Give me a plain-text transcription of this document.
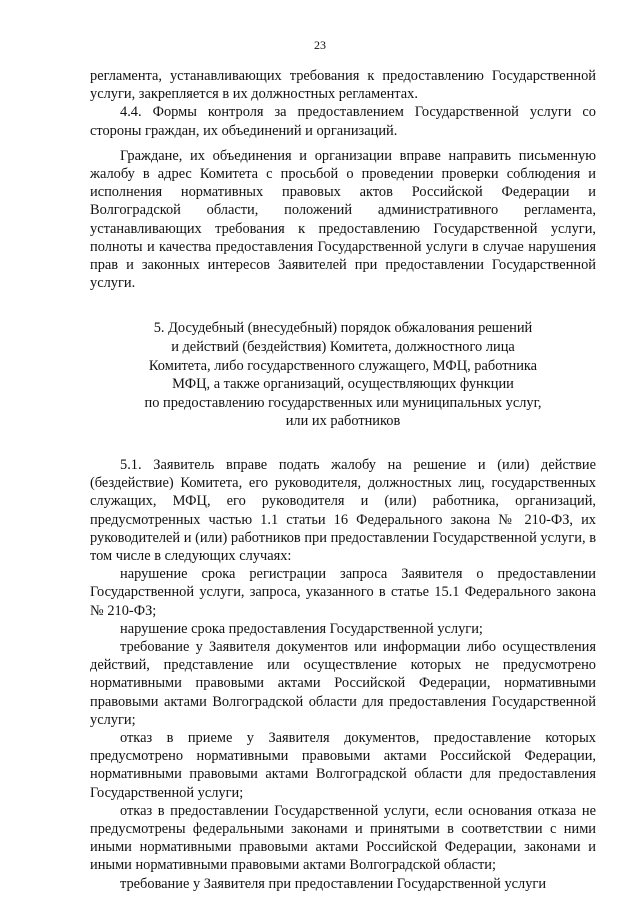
23

регламента, устанавливающих требования к предоставлению Государственной услуги, закрепляется в их должностных регламентах.

4.4. Формы контроля за предоставлением Государственной услуги со стороны граждан, их объединений и организаций.

Граждане, их объединения и организации вправе направить письменную жалобу в адрес Комитета с просьбой о проведении проверки соблюдения и исполнения нормативных правовых актов Российской Федерации и Волгоградской области, положений административного регламента, устанавливающих требования к предоставлению Государственной услуги, полноты и качества предоставления Государственной услуги в случае нарушения прав и законных интересов Заявителей при предоставлении Государственной услуги.

5. Досудебный (внесудебный) порядок обжалования решений
и действий (бездействия) Комитета, должностного лица
Комитета, либо государственного служащего, МФЦ, работника
МФЦ, а также организаций, осуществляющих функции
по предоставлению государственных или муниципальных услуг,
или их работников

5.1. Заявитель вправе подать жалобу на решение и (или) действие (бездействие) Комитета, его руководителя, должностных лиц, государственных служащих, МФЦ, его руководителя и (или) работника, организаций, предусмотренных частью 1.1 статьи 16 Федерального закона № 210-ФЗ, их руководителей и (или) работников при предоставлении Государственной услуги, в том числе в следующих случаях:

нарушение срока регистрации запроса Заявителя о предоставлении Государственной услуги, запроса, указанного в статье 15.1 Федерального закона № 210-ФЗ;

нарушение срока предоставления Государственной услуги;

требование у Заявителя документов или информации либо осуществления действий, представление или осуществление которых не предусмотрено нормативными правовыми актами Российской Федерации, нормативными правовыми актами Волгоградской области для предоставления Государственной услуги;

отказ в приеме у Заявителя документов, предоставление которых предусмотрено нормативными правовыми актами Российской Федерации, нормативными правовыми актами Волгоградской области для предоставления Государственной услуги;

отказ в предоставлении Государственной услуги, если основания отказа не предусмотрены федеральными законами и принятыми в соответствии с ними иными нормативными правовыми актами Российской Федерации, законами и иными нормативными правовыми актами Волгоградской области;

требование у Заявителя при предоставлении Государственной услуги
